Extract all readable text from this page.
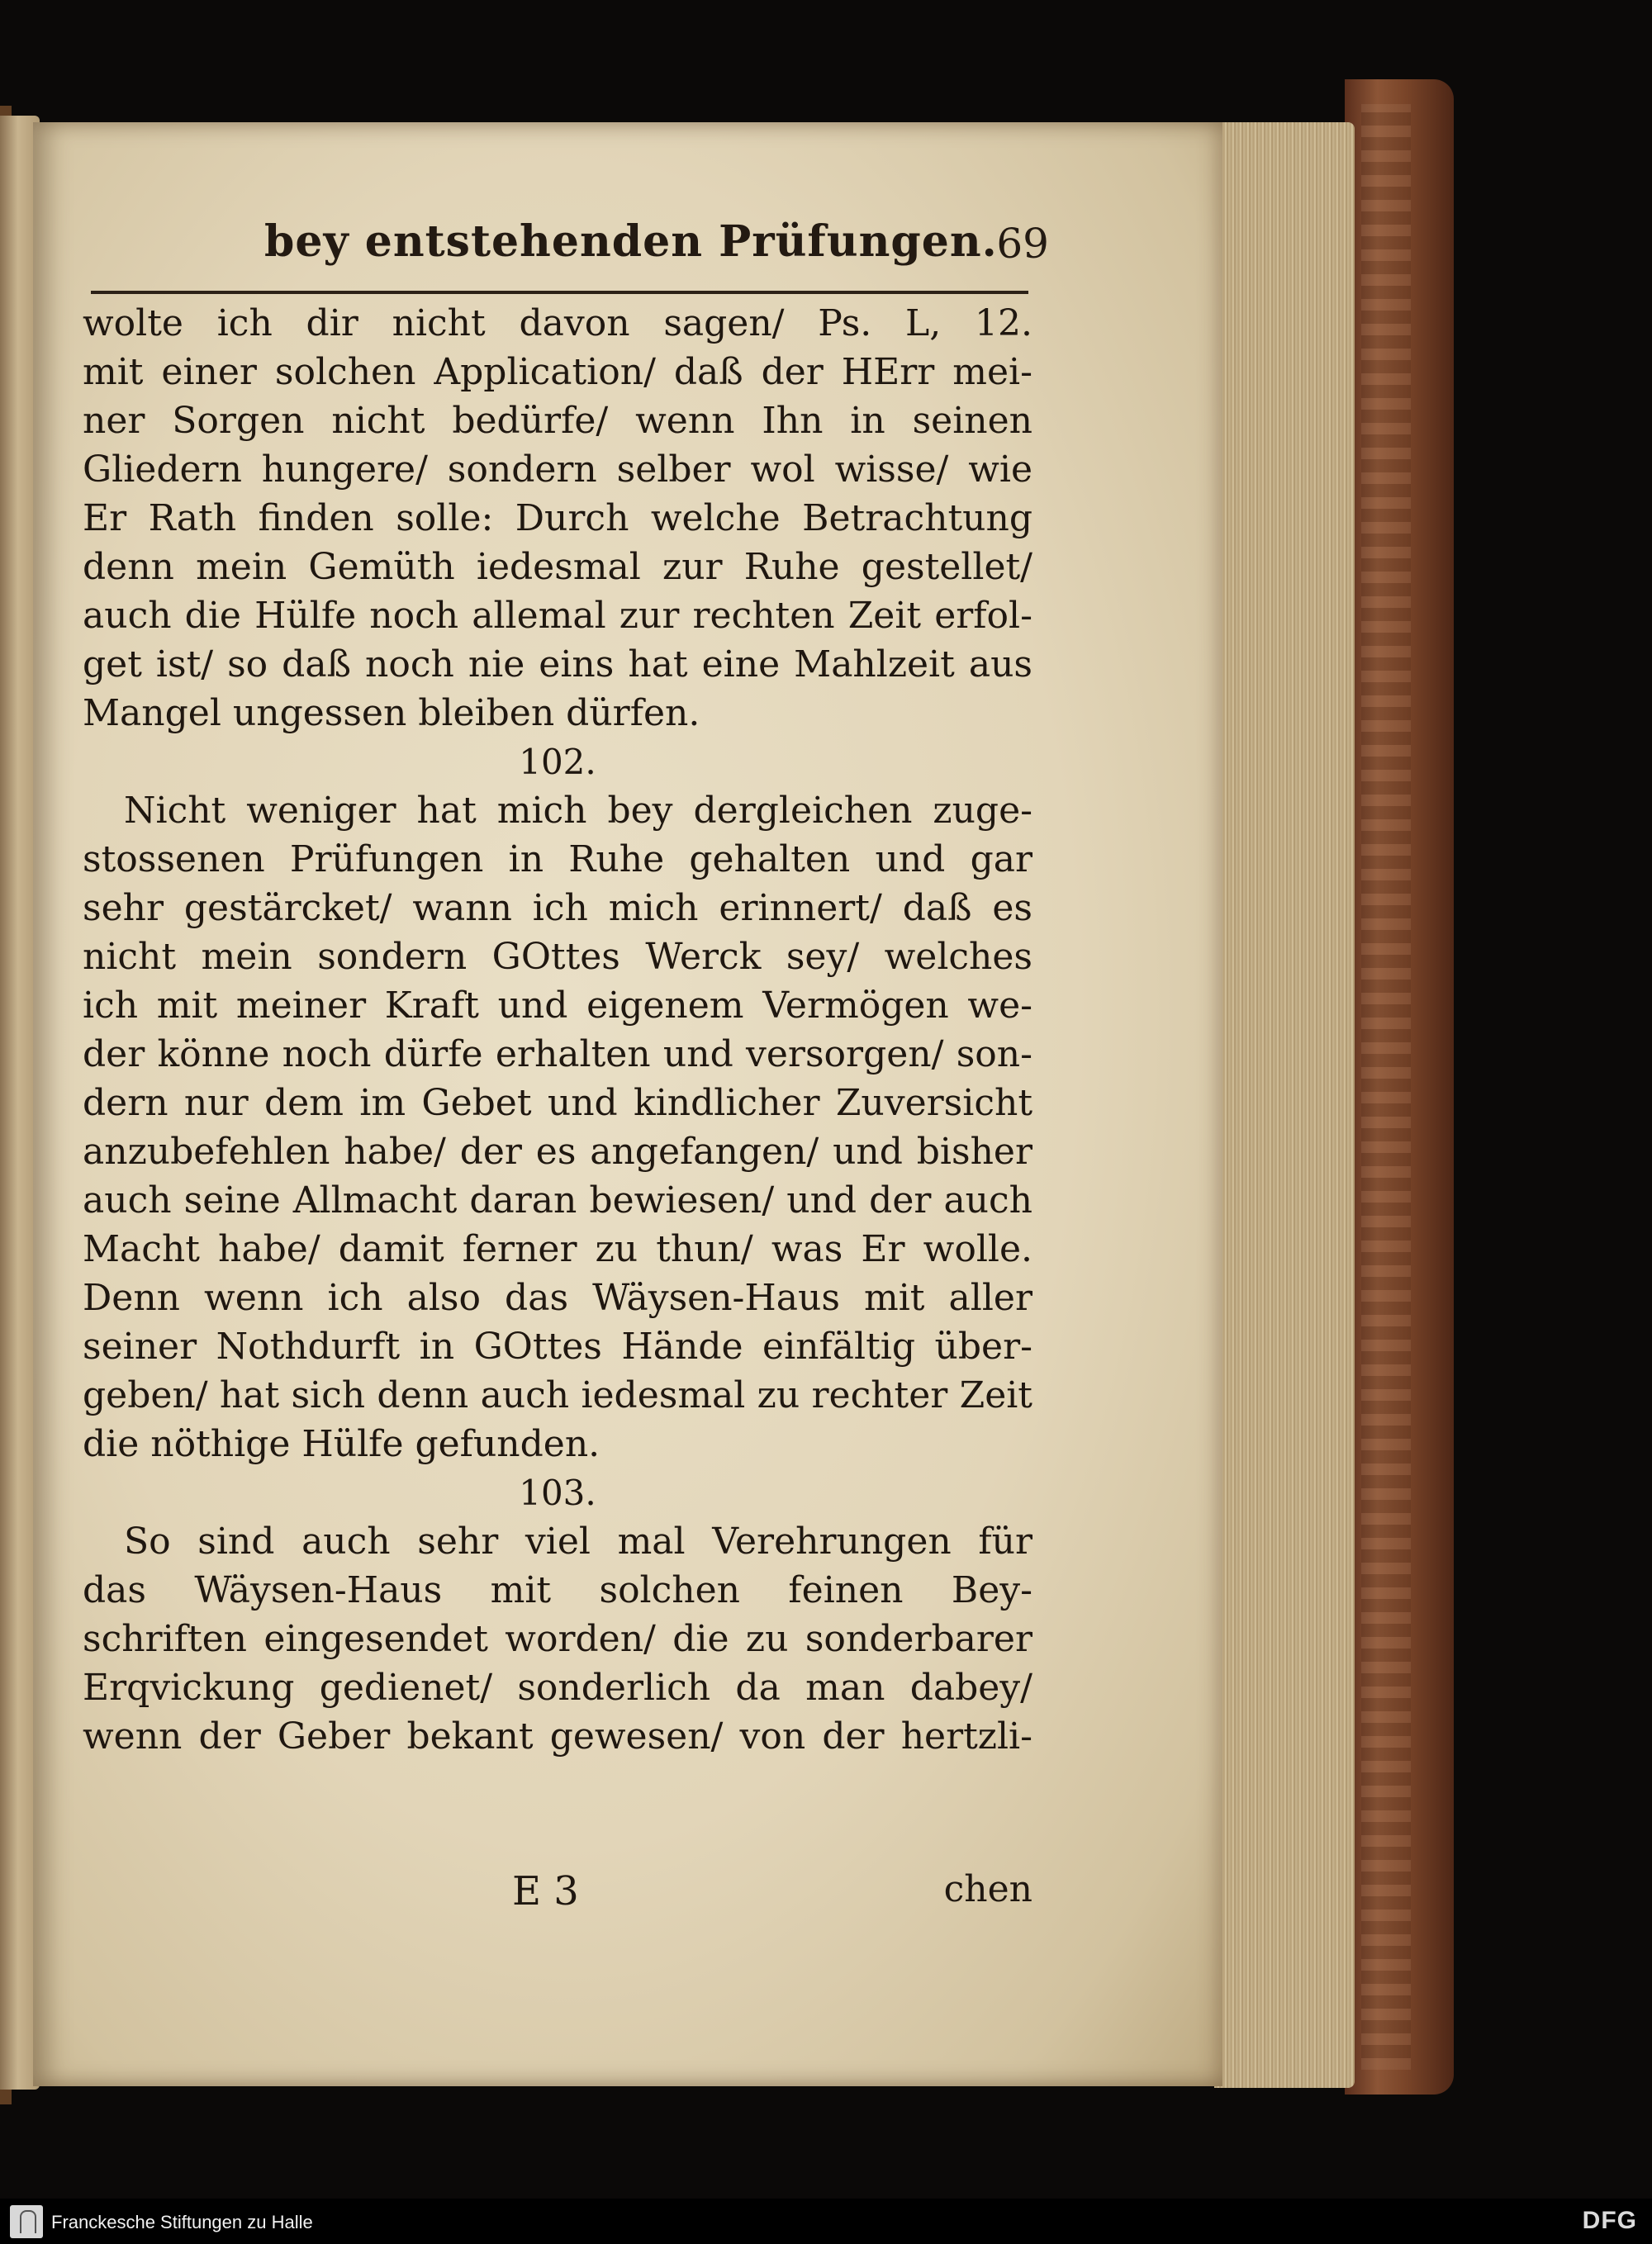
bey entstehenden Prüfungen.
69
wolte ich dir nicht davon sagen/ Ps. L, 12.
mit einer solchen Application/ daß der HErr mei-
ner Sorgen nicht bedürfe/ wenn Ihn in seinen
Gliedern hungere/ sondern selber wol wisse/ wie
Er Rath finden solle: Durch welche Betrachtung
denn mein Gemüth iedesmal zur Ruhe gestellet/
auch die Hülfe noch allemal zur rechten Zeit erfol-
get ist/ so daß noch nie eins hat eine Mahlzeit aus
Mangel ungessen bleiben dürfen.
102.
Nicht weniger hat mich bey dergleichen zuge-
stossenen Prüfungen in Ruhe gehalten und gar
sehr gestärcket/ wann ich mich erinnert/ daß es
nicht mein sondern GOttes Werck sey/ welches
ich mit meiner Kraft und eigenem Vermögen we-
der könne noch dürfe erhalten und versorgen/ son-
dern nur dem im Gebet und kindlicher Zuversicht
anzubefehlen habe/ der es angefangen/ und bisher
auch seine Allmacht daran bewiesen/ und der auch
Macht habe/ damit ferner zu thun/ was Er wolle.
Denn wenn ich also das Wäysen-Haus mit aller
seiner Nothdurft in GOttes Hände einfältig über-
geben/ hat sich denn auch iedesmal zu rechter Zeit
die nöthige Hülfe gefunden.
103.
So sind auch sehr viel mal Verehrungen für
das Wäysen-Haus mit solchen feinen Bey-
schriften eingesendet worden/ die zu sonderbarer
Erqvickung gedienet/ sonderlich da man dabey/
wenn der Geber bekant gewesen/ von der hertzli-
E 3	chen
Franckesche Stiftungen zu Halle	DFG
